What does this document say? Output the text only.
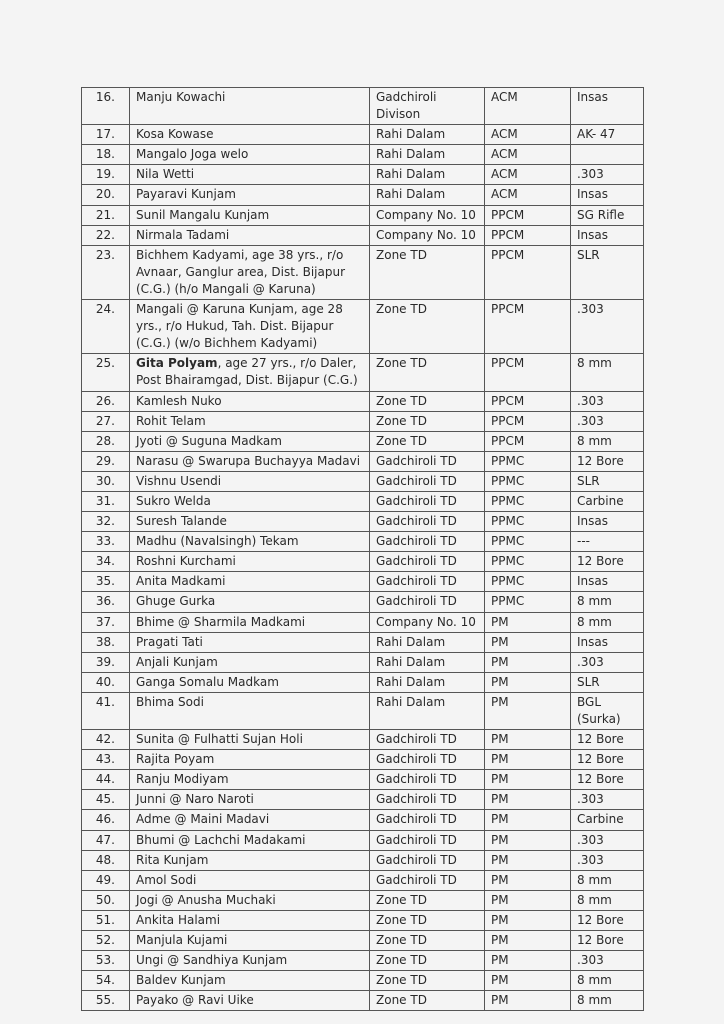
16.	Manju Kowachi	Gadchiroli Divison	ACM	Insas
17.	Kosa Kowase	Rahi Dalam	ACM	AK- 47
18.	Mangalo Joga welo	Rahi Dalam	ACM	
19.	Nila Wetti	Rahi Dalam	ACM	.303
20.	Payaravi Kunjam	Rahi Dalam	ACM	Insas
21.	Sunil Mangalu Kunjam	Company No. 10	PPCM	SG Rifle
22.	Nirmala Tadami	Company No. 10	PPCM	Insas
23.	Bichhem Kadyami, age 38 yrs., r/o Avnaar, Ganglur area, Dist. Bijapur (C.G.) (h/o Mangali @ Karuna)	Zone TD	PPCM	SLR
24.	Mangali @ Karuna Kunjam, age 28 yrs., r/o Hukud, Tah. Dist. Bijapur (C.G.) (w/o Bichhem Kadyami)	Zone TD	PPCM	.303
25.	Gita Polyam, age 27 yrs., r/o Daler, Post Bhairamgad, Dist. Bijapur (C.G.)	Zone TD	PPCM	8 mm
26.	Kamlesh Nuko	Zone TD	PPCM	.303
27.	Rohit Telam	Zone TD	PPCM	.303
28.	Jyoti @ Suguna Madkam	Zone TD	PPCM	8 mm
29.	Narasu @ Swarupa Buchayya Madavi	Gadchiroli TD	PPMC	12 Bore
30.	Vishnu Usendi	Gadchiroli TD	PPMC	SLR
31.	Sukro Welda	Gadchiroli TD	PPMC	Carbine
32.	Suresh Talande	Gadchiroli TD	PPMC	Insas
33.	Madhu (Navalsingh) Tekam	Gadchiroli TD	PPMC	---
34.	Roshni Kurchami	Gadchiroli TD	PPMC	12 Bore
35.	Anita Madkami	Gadchiroli TD	PPMC	Insas
36.	Ghuge Gurka	Gadchiroli TD	PPMC	8 mm
37.	Bhime @ Sharmila Madkami	Company No. 10	PM	8 mm
38.	Pragati Tati	Rahi Dalam	PM	Insas
39.	Anjali Kunjam	Rahi Dalam	PM	.303
40.	Ganga Somalu Madkam	Rahi Dalam	PM	SLR
41.	Bhima Sodi	Rahi Dalam	PM	BGL (Surka)
42.	Sunita @ Fulhatti Sujan Holi	Gadchiroli TD	PM	12 Bore
43.	Rajita Poyam	Gadchiroli TD	PM	12 Bore
44.	Ranju Modiyam	Gadchiroli TD	PM	12 Bore
45.	Junni @ Naro Naroti	Gadchiroli TD	PM	.303
46.	Adme @ Maini Madavi	Gadchiroli TD	PM	Carbine
47.	Bhumi @ Lachchi Madakami	Gadchiroli TD	PM	.303
48.	Rita Kunjam	Gadchiroli TD	PM	.303
49.	Amol Sodi	Gadchiroli TD	PM	8 mm
50.	Jogi @ Anusha Muchaki	Zone TD	PM	8 mm
51.	Ankita Halami	Zone TD	PM	12 Bore
52.	Manjula Kujami	Zone TD	PM	12 Bore
53.	Ungi @ Sandhiya Kunjam	Zone TD	PM	.303
54.	Baldev Kunjam	Zone TD	PM	8 mm
55.	Payako @ Ravi Uike	Zone TD	PM	8 mm
